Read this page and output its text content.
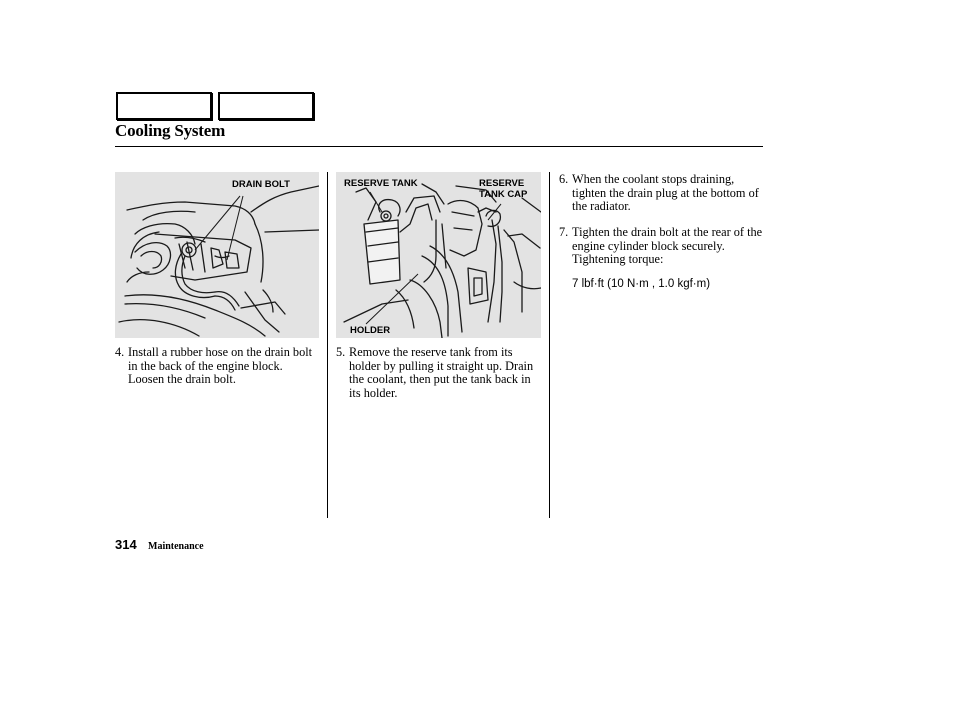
Cooling System
DRAIN BOLT	RESERVE TANK	RESERVE
TANK CAP
HOLDER
4. Install a rubber hose on the drain bolt in the back of the engine block. Loosen the drain bolt.
5. Remove the reserve tank from its holder by pulling it straight up. Drain the coolant, then put the tank back in its holder.
6. When the coolant stops draining, tighten the drain plug at the bottom of the radiator.
7. Tighten the drain bolt at the rear of the engine cylinder block securely. Tightening torque:
7 lbf·ft (10 N·m , 1.0 kgf·m)
314 Maintenance
